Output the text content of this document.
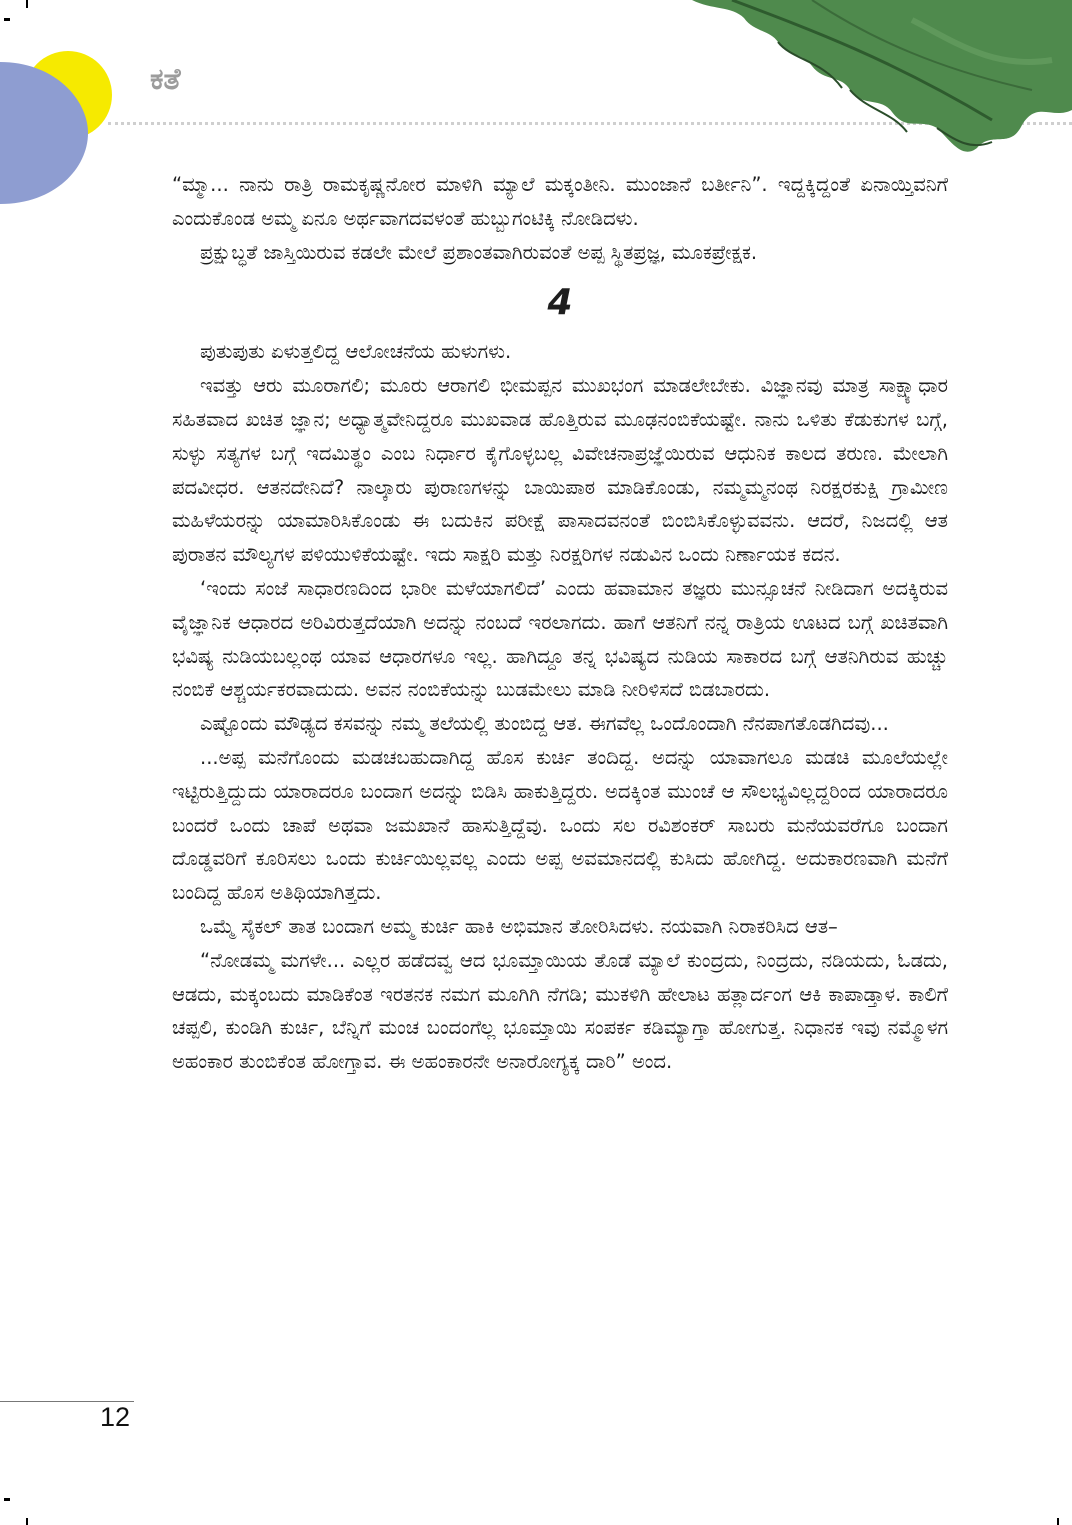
ಕತೆ

“ಮ್ಮಾ... ನಾನು ರಾತ್ರಿ ರಾಮಕೃಷ್ಣನೋರ ಮಾಳಿಗಿ ಮ್ಯಾಲೆ ಮಕ್ಕಂತೀನಿ. ಮುಂಜಾನೆ ಬರ್ತೀನಿ”. ಇದ್ದಕ್ಕಿದ್ದಂತೆ ಏನಾಯ್ತಿವನಿಗೆ ಎಂದುಕೊಂಡ ಅಮ್ಮ ಏನೂ ಅರ್ಥವಾಗದವಳಂತೆ ಹುಬ್ಬುಗಂಟಿಕ್ಕಿ ನೋಡಿದಳು.

ಪ್ರಕ್ಷುಬ್ಧತೆ ಜಾಸ್ತಿಯಿರುವ ಕಡಲೇ ಮೇಲೆ ಪ್ರಶಾಂತವಾಗಿರುವಂತೆ ಅಪ್ಪ ಸ್ಥಿತಪ್ರಜ್ಞ, ಮೂಕಪ್ರೇಕ್ಷಕ.

4

ಪುತುಪುತು ಏಳುತ್ತಲಿದ್ದ ಆಲೋಚನೆಯ ಹುಳುಗಳು.

ಇವತ್ತು ಆರು ಮೂರಾಗಲಿ; ಮೂರು ಆರಾಗಲಿ ಭೀಮಪ್ಪನ ಮುಖಭಂಗ ಮಾಡಲೇಬೇಕು. ವಿಜ್ಞಾನವು ಮಾತ್ರ ಸಾಕ್ಷ್ಯಾಧಾರ ಸಹಿತವಾದ ಖಚಿತ ಜ್ಞಾನ; ಅಧ್ಯಾತ್ಮವೇನಿದ್ದರೂ ಮುಖವಾಡ ಹೊತ್ತಿರುವ ಮೂಢನಂಬಿಕೆಯಷ್ಟೇ. ನಾನು ಒಳಿತು ಕೆಡುಕುಗಳ ಬಗ್ಗೆ, ಸುಳ್ಳು ಸತ್ಯಗಳ ಬಗ್ಗೆ ಇದಮಿತ್ಥಂ ಎಂಬ ನಿರ್ಧಾರ ಕೈಗೊಳ್ಳಬಲ್ಲ ವಿವೇಚನಾಪ್ರಜ್ಞೆಯಿರುವ ಆಧುನಿಕ ಕಾಲದ ತರುಣ. ಮೇಲಾಗಿ ಪದವೀಧರ. ಆತನದೇನಿದೆ? ನಾಲ್ಕಾರು ಪುರಾಣಗಳನ್ನು ಬಾಯಿಪಾಠ ಮಾಡಿಕೊಂಡು, ನಮ್ಮಮ್ಮನಂಥ ನಿರಕ್ಷರಕುಕ್ಷಿ ಗ್ರಾಮೀಣ ಮಹಿಳೆಯರನ್ನು ಯಾಮಾರಿಸಿಕೊಂಡು ಈ ಬದುಕಿನ ಪರೀಕ್ಷೆ ಪಾಸಾದವನಂತೆ ಬಿಂಬಿಸಿಕೊಳ್ಳುವವನು. ಆದರೆ, ನಿಜದಲ್ಲಿ ಆತ ಪುರಾತನ ಮೌಲ್ಯಗಳ ಪಳಿಯುಳಿಕೆಯಷ್ಟೇ. ಇದು ಸಾಕ್ಷರಿ ಮತ್ತು ನಿರಕ್ಷರಿಗಳ ನಡುವಿನ ಒಂದು ನಿರ್ಣಾಯಕ ಕದನ.

‘ಇಂದು ಸಂಜೆ ಸಾಧಾರಣದಿಂದ ಭಾರೀ ಮಳೆಯಾಗಲಿದೆ’ ಎಂದು ಹವಾಮಾನ ತಜ್ಞರು ಮುನ್ಸೂಚನೆ ನೀಡಿದಾಗ ಅದಕ್ಕಿರುವ ವೈಜ್ಞಾನಿಕ ಆಧಾರದ ಅರಿವಿರುತ್ತದೆಯಾಗಿ ಅದನ್ನು ನಂಬದೆ ಇರಲಾಗದು. ಹಾಗೆ ಆತನಿಗೆ ನನ್ನ ರಾತ್ರಿಯ ಊಟದ ಬಗ್ಗೆ ಖಚಿತವಾಗಿ ಭವಿಷ್ಯ ನುಡಿಯಬಲ್ಲಂಥ ಯಾವ ಆಧಾರಗಳೂ ಇಲ್ಲ. ಹಾಗಿದ್ದೂ ತನ್ನ ಭವಿಷ್ಯದ ನುಡಿಯ ಸಾಕಾರದ ಬಗ್ಗೆ ಆತನಿಗಿರುವ ಹುಚ್ಚು ನಂಬಿಕೆ ಆಶ್ಚರ್ಯಕರವಾದುದು. ಅವನ ನಂಬಿಕೆಯನ್ನು ಬುಡಮೇಲು ಮಾಡಿ ನೀರಿಳಿಸದೆ ಬಿಡಬಾರದು.

ಎಷ್ಟೊಂದು ಮೌಢ್ಯದ ಕಸವನ್ನು ನಮ್ಮ ತಲೆಯಲ್ಲಿ ತುಂಬಿದ್ದ ಆತ. ಈಗವೆಲ್ಲ ಒಂದೊಂದಾಗಿ ನೆನಪಾಗತೊಡಗಿದವು...

...ಅಪ್ಪ ಮನೆಗೊಂದು ಮಡಚಬಹುದಾಗಿದ್ದ ಹೊಸ ಕುರ್ಚಿ ತಂದಿದ್ದ. ಅದನ್ನು ಯಾವಾಗಲೂ ಮಡಚಿ ಮೂಲೆಯಲ್ಲೇ ಇಟ್ಟಿರುತ್ತಿದ್ದುದು ಯಾರಾದರೂ ಬಂದಾಗ ಅದನ್ನು ಬಿಡಿಸಿ ಹಾಕುತ್ತಿದ್ದರು. ಅದಕ್ಕಿಂತ ಮುಂಚೆ ಆ ಸೌಲಭ್ಯವಿಲ್ಲದ್ದರಿಂದ ಯಾರಾದರೂ ಬಂದರೆ ಒಂದು ಚಾಪೆ ಅಥವಾ ಜಮಖಾನೆ ಹಾಸುತ್ತಿದ್ದೆವು. ಒಂದು ಸಲ ರವಿಶಂಕರ್ ಸಾಬರು ಮನೆಯವರೆಗೂ ಬಂದಾಗ ದೊಡ್ಡವರಿಗೆ ಕೂರಿಸಲು ಒಂದು ಕುರ್ಚಿಯಿಲ್ಲವಲ್ಲ ಎಂದು ಅಪ್ಪ ಅವಮಾನದಲ್ಲಿ ಕುಸಿದು ಹೋಗಿದ್ದ. ಅದುಕಾರಣವಾಗಿ ಮನೆಗೆ ಬಂದಿದ್ದ ಹೊಸ ಅತಿಥಿಯಾಗಿತ್ತದು.

ಒಮ್ಮೆ ಸೈಕಲ್ ತಾತ ಬಂದಾಗ ಅಮ್ಮ ಕುರ್ಚಿ ಹಾಕಿ ಅಭಿಮಾನ ತೋರಿಸಿದಳು. ನಯವಾಗಿ ನಿರಾಕರಿಸಿದ ಆತ–

“ನೋಡಮ್ಮ ಮಗಳೇ... ಎಲ್ಲರ ಹಡೆದವ್ವ ಆದ ಭೂಮ್ತಾಯಿಯ ತೊಡೆ ಮ್ಯಾಲೆ ಕುಂದ್ರದು, ನಿಂದ್ರದು, ನಡಿಯದು, ಓಡದು, ಆಡದು, ಮಕ್ಕಂಬದು ಮಾಡಿಕೆಂತ ಇರತನಕ ನಮಗ ಮೂಗಿಗಿ ನೆಗಡಿ; ಮುಕಳಿಗಿ ಹೇಲಾಟ ಹತ್ಲಾರ್ದಂಗ ಆಕಿ ಕಾಪಾಡ್ತಾಳ. ಕಾಲಿಗೆ ಚಪ್ಪಲಿ, ಕುಂಡಿಗಿ ಕುರ್ಚಿ, ಬೆನ್ನಿಗೆ ಮಂಚ ಬಂದಂಗೆಲ್ಲ ಭೂಮ್ತಾಯಿ ಸಂಪರ್ಕ ಕಡಿಮ್ಯಾಗ್ತಾ ಹೋಗುತ್ತ. ನಿಧಾನಕ ಇವು ನಮ್ಮೊಳಗ ಅಹಂಕಾರ ತುಂಬಿಕೆಂತ ಹೋಗ್ತಾವ. ಈ ಅಹಂಕಾರನೇ ಅನಾರೋಗ್ಯಕ್ಕ ದಾರಿ” ಅಂದ.

12
